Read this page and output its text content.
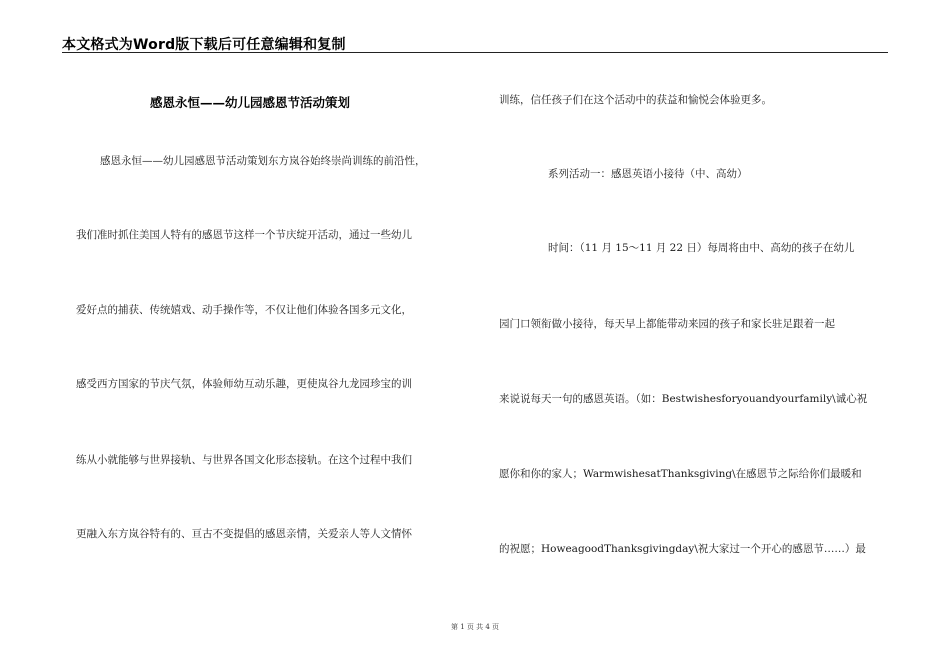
本文格式为Word版下载后可任意编辑和复制
感恩永恒——幼儿园感恩节活动策划
感恩永恒——幼儿园感恩节活动策划东方岚谷始终崇尚训练的前沿性，
我们准时抓住美国人特有的感恩节这样一个节庆绽开活动，通过一些幼儿
爱好点的捕获、传统嬉戏、动手操作等，不仅让他们体验各国多元文化，
感受西方国家的节庆气氛，体验师幼互动乐趣，更使岚谷九龙园珍宝的训
练从小就能够与世界接轨、与世界各国文化形态接轨。在这个过程中我们
更融入东方岚谷特有的、亘古不变提倡的感恩亲情，关爱亲人等人文情怀
训练，信任孩子们在这个活动中的获益和愉悦会体验更多。
系列活动一：感恩英语小接待（中、高幼）
时间：（11 月 15～11 月 22 日）每周将由中、高幼的孩子在幼儿
园门口领衔做小接待，每天早上都能带动来园的孩子和家长驻足跟着一起
来说说每天一句的感恩英语。（如：Bestwishesforyouandyourfamily\诚心祝
愿你和你的家人；WarmwishesatThanksgiving\在感恩节之际给你们最暖和
的祝愿；HoweagoodThanksgivingday\祝大家过一个开心的感恩节……）最
第 1 页 共 4 页
